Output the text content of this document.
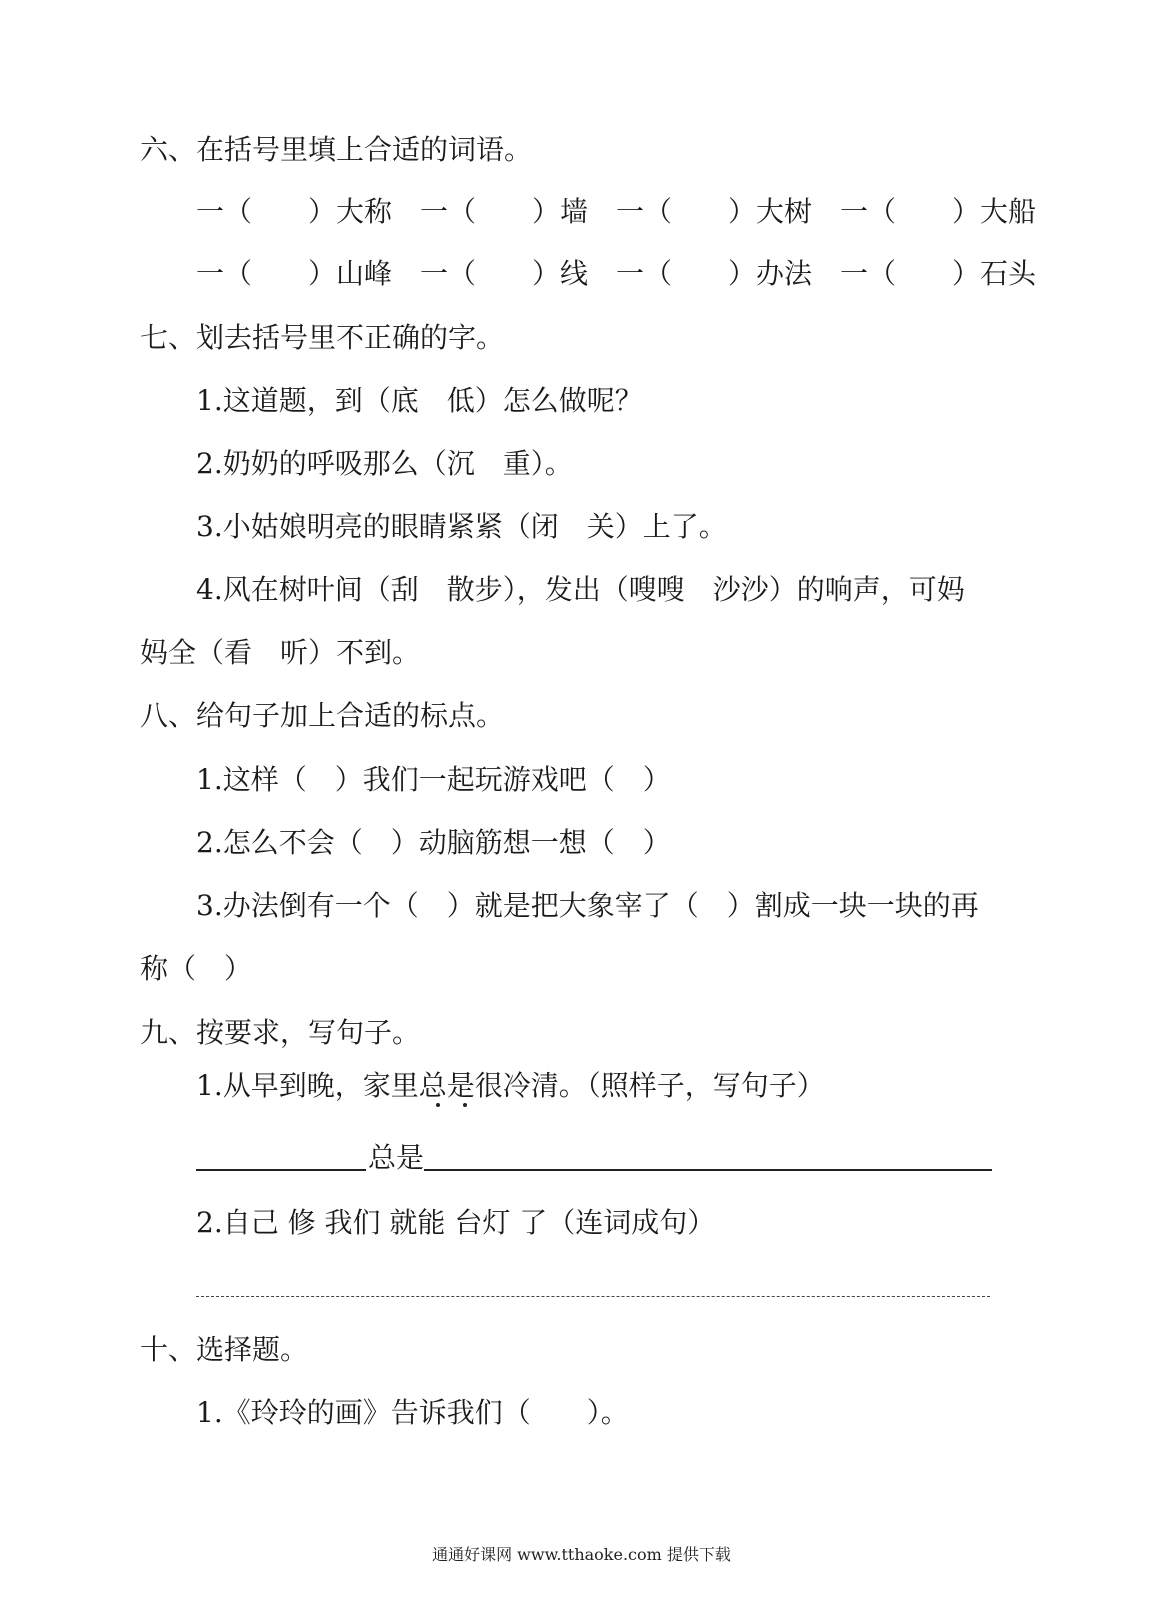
六、在括号里填上合适的词语。
一（　　）大称　一（　　）墙　一（　　）大树　一（　　）大船
一（　　）山峰　一（　　）线　一（　　）办法　一（　　）石头
七、划去括号里不正确的字。
1.这道题，到（底　低）怎么做呢？
2.奶奶的呼吸那么（沉　重）。
3.小姑娘明亮的眼睛紧紧（闭　关）上了。
4.风在树叶间（刮　散步），发出（嗖嗖　沙沙）的响声，可妈
妈全（看　听）不到。
八、给句子加上合适的标点。
1.这样（　）我们一起玩游戏吧（　）
2.怎么不会（　）动脑筋想一想（　）
3.办法倒有一个（　）就是把大象宰了（　）割成一块一块的再
称（　）
九、按要求，写句子。
1.从早到晚，家里总是很冷清。（照样子，写句子）
总是
2.自己 修 我们 就能 台灯 了（连词成句）
十、选择题。
1.《玲玲的画》告诉我们（　　）。
通通好课网 www.tthaoke.com 提供下载
